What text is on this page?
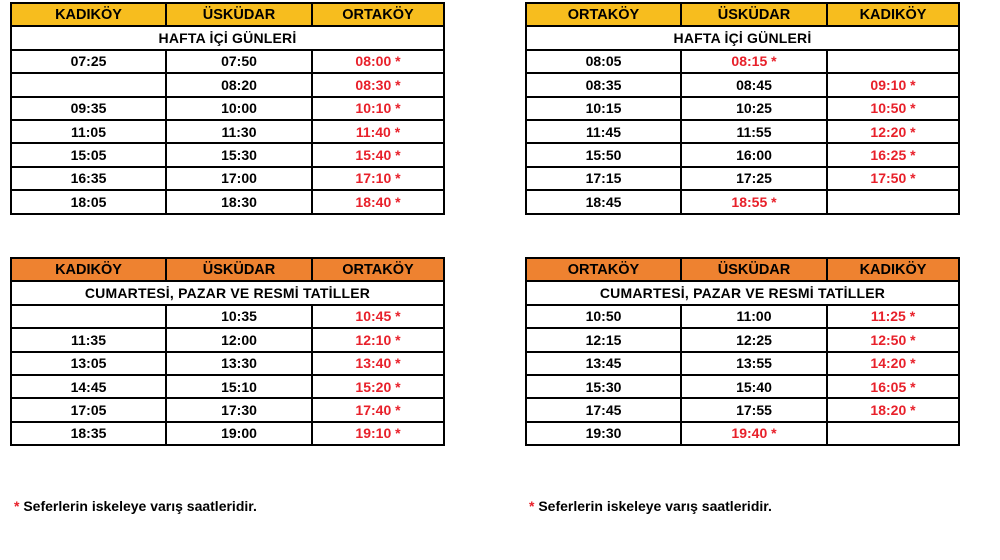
KADIKÖY	ÜSKÜDAR	ORTAKÖY
HAFTA İÇİ GÜNLERİ		
07:25	07:50	08:00 *
	08:20	08:30 *
09:35	10:00	10:10 *
11:05	11:30	11:40 *
15:05	15:30	15:40 *
16:35	17:00	17:10 *
18:05	18:30	18:40 *
ORTAKÖY	ÜSKÜDAR	KADIKÖY
HAFTA İÇİ GÜNLERİ		
08:05	08:15 *	
08:35	08:45	09:10 *
10:15	10:25	10:50 *
11:45	11:55	12:20 *
15:50	16:00	16:25 *
17:15	17:25	17:50 *
18:45	18:55 *	
KADIKÖY	ÜSKÜDAR	ORTAKÖY
CUMARTESİ, PAZAR VE RESMİ TATİLLER		
	10:35	10:45 *
11:35	12:00	12:10 *
13:05	13:30	13:40 *
14:45	15:10	15:20 *
17:05	17:30	17:40 *
18:35	19:00	19:10 *
ORTAKÖY	ÜSKÜDAR	KADIKÖY
CUMARTESİ, PAZAR VE RESMİ TATİLLER		
10:50	11:00	11:25 *
12:15	12:25	12:50 *
13:45	13:55	14:20 *
15:30	15:40	16:05 *
17:45	17:55	18:20 *
19:30	19:40 *	
* Seferlerin iskeleye varış saatleridir.	* Seferlerin iskeleye varış saatleridir.
